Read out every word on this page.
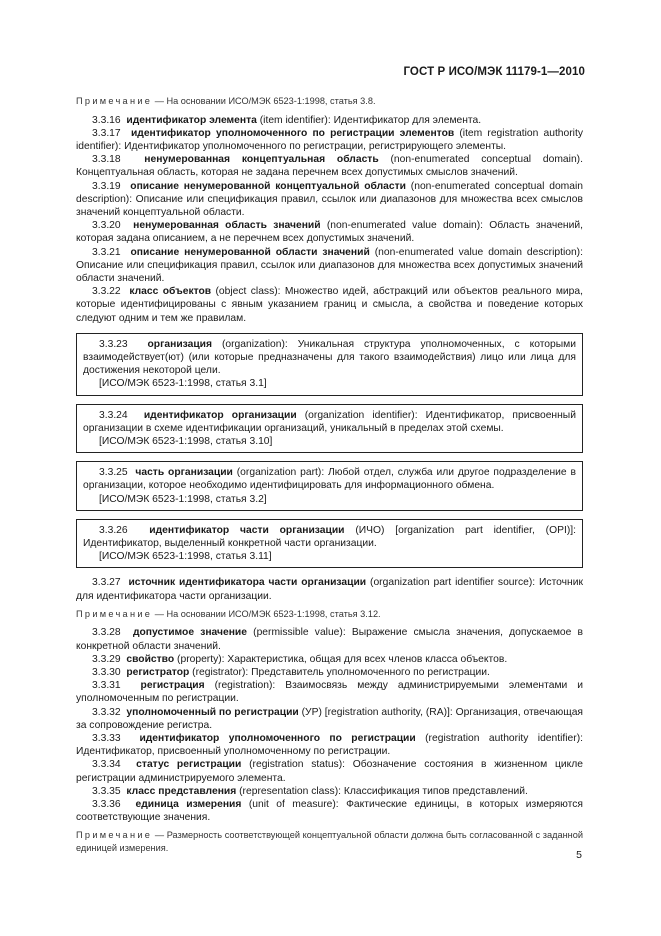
ГОСТ Р ИСО/МЭК 11179-1—2010

Примечание — На основании ИСО/МЭК 6523-1:1998, статья 3.8.

3.3.16 идентификатор элемента (item identifier): Идентификатор для элемента.

3.3.17 идентификатор уполномоченного по регистрации элементов (item registration authority identifier): Идентификатор уполномоченного по регистрации, регистрирующего элементы.

3.3.18 ненумерованная концептуальная область (non-enumerated conceptual domain). Концептуальная область, которая не задана перечнем всех допустимых смыслов значений.

3.3.19 описание ненумерованной концептуальной области (non-enumerated conceptual domain description): Описание или спецификация правил, ссылок или диапазонов для множества всех смыслов значений концептуальной области.

3.3.20 ненумерованная область значений (non-enumerated value domain): Область значений, которая задана описанием, а не перечнем всех допустимых значений.

3.3.21 описание ненумерованной области значений (non-enumerated value domain description): Описание или спецификация правил, ссылок или диапазонов для множества всех допустимых значений области значений.

3.3.22 класс объектов (object class): Множество идей, абстракций или объектов реального мира, которые идентифицированы с явным указанием границ и смысла, а свойства и поведение которых следуют одним и тем же правилам.

3.3.23 организация (organization): Уникальная структура уполномоченных, с которыми взаимодействует(ют) (или которые предназначены для такого взаимодействия) лицо или лица для достижения некоторой цели.

[ИСО/МЭК 6523-1:1998, статья 3.1]

3.3.24 идентификатор организации (organization identifier): Идентификатор, присвоенный организации в схеме идентификации организаций, уникальный в пределах этой схемы.

[ИСО/МЭК 6523-1:1998, статья 3.10]

3.3.25 часть организации (organization part): Любой отдел, служба или другое подразделение в организации, которое необходимо идентифицировать для информационного обмена.

[ИСО/МЭК 6523-1:1998, статья 3.2]

3.3.26 идентификатор части организации (ИЧО) [organization part identifier, (OPI)]: Идентификатор, выделенный конкретной части организации.

[ИСО/МЭК 6523-1:1998, статья 3.11]

3.3.27 источник идентификатора части организации (organization part identifier source): Источник для идентификатора части организации.

Примечание — На основании ИСО/МЭК 6523-1:1998, статья 3.12.

3.3.28 допустимое значение (permissible value): Выражение смысла значения, допускаемое в конкретной области значений.

3.3.29 свойство (property): Характеристика, общая для всех членов класса объектов.

3.3.30 регистратор (registrator): Представитель уполномоченного по регистрации.

3.3.31 регистрация (registration): Взаимосвязь между администрируемыми элементами и уполномоченным по регистрации.

3.3.32 уполномоченный по регистрации (УР) [registration authority, (RA)]: Организация, отвечающая за сопровождение регистра.

3.3.33 идентификатор уполномоченного по регистрации (registration authority identifier): Идентификатор, присвоенный уполномоченному по регистрации.

3.3.34 статус регистрации (registration status): Обозначение состояния в жизненном цикле регистрации администрируемого элемента.

3.3.35 класс представления (representation class): Классификация типов представлений.

3.3.36 единица измерения (unit of measure): Фактические единицы, в которых измеряются соответствующие значения.

Примечание — Размерность соответствующей концептуальной области должна быть согласованной с заданной единицей измерения.

5
